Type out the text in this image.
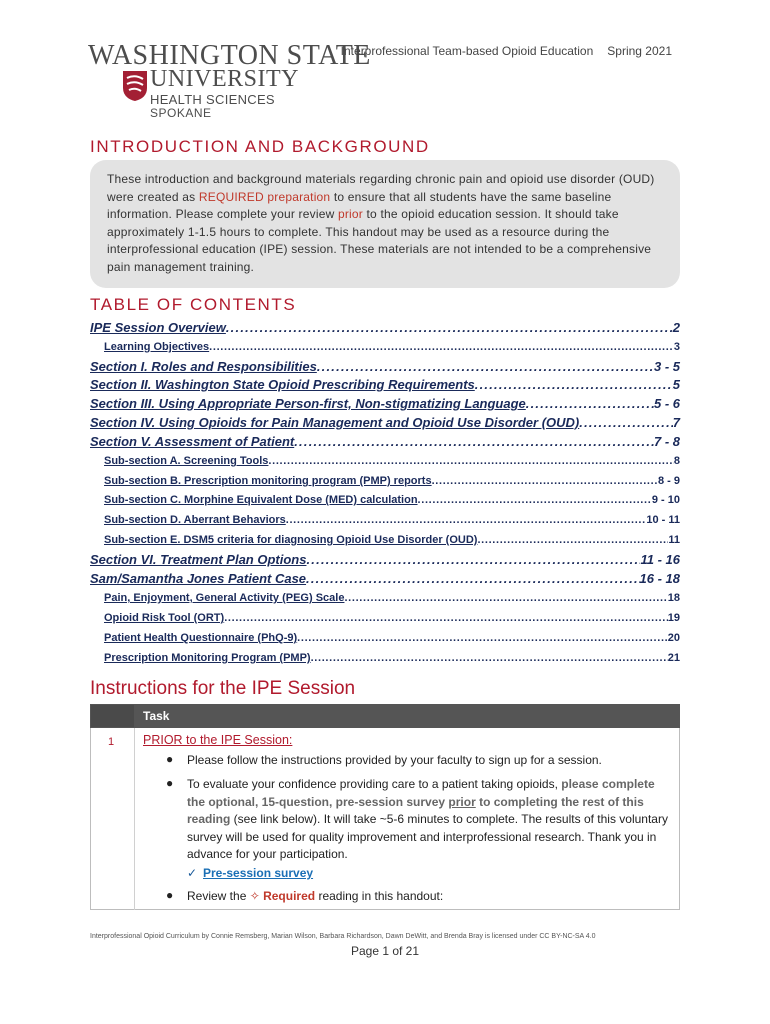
WASHINGTON STATE
UNIVERSITY
HEALTH SCIENCES
SPOKANE
Interprofessional Team-based Opioid Education Spring 2021
INTRODUCTION AND BACKGROUND
These introduction and background materials regarding chronic pain and opioid use disorder (OUD) were created as REQUIRED preparation to ensure that all students have the same baseline information. Please complete your review prior to the opioid education session. It should take approximately 1-1.5 hours to complete. This handout may be used as a resource during the interprofessional education (IPE) session. These materials are not intended to be a comprehensive pain management training.
TABLE OF CONTENTS
IPE Session Overview . . .	2
Learning Objectives . . .	3
Section I. Roles and Responsibilities . . .	3 - 5
Section II. Washington State Opioid Prescribing Requirements . . .	5
Section III. Using Appropriate Person-first, Non-stigmatizing Language . . .	5 - 6
Section IV. Using Opioids for Pain Management and Opioid Use Disorder (OUD) . . .	7
Section V. Assessment of Patient . . .	7 - 8
Sub-section A. Screening Tools . . .	8
Sub-section B. Prescription monitoring program (PMP) reports . . .	8 - 9
Sub-section C. Morphine Equivalent Dose (MED) calculation . . .	9 - 10
Sub-section D. Aberrant Behaviors . . .	10 - 11
Sub-section E. DSM5 criteria for diagnosing Opioid Use Disorder (OUD) . . .	11
Section VI. Treatment Plan Options . . .	11 - 16
Sam/Samantha Jones Patient Case . . .	16 - 18
Pain, Enjoyment, General Activity (PEG) Scale . . .	18
Opioid Risk Tool (ORT) . . .	19
Patient Health Questionnaire (PhQ-9) . . .	20
Prescription Monitoring Program (PMP) . . .	21
Instructions for the IPE Session
Task
1 PRIOR to the IPE Session:
● Please follow the instructions provided by your faculty to sign up for a session.
● To evaluate your confidence providing care to a patient taking opioids, please complete the optional, 15-question, pre-session survey prior to completing the rest of this reading (see link below). It will take ~5-6 minutes to complete. The results of this voluntary survey will be used for quality improvement and interprofessional research. Thank you in advance for your participation.
✓ Pre-session survey
● Review the ✧ Required reading in this handout:
Interprofessional Opioid Curriculum by Connie Remsberg, Marian Wilson, Barbara Richardson, Dawn DeWitt, and Brenda Bray is licensed under CC BY-NC-SA 4.0
Page 1 of 21
